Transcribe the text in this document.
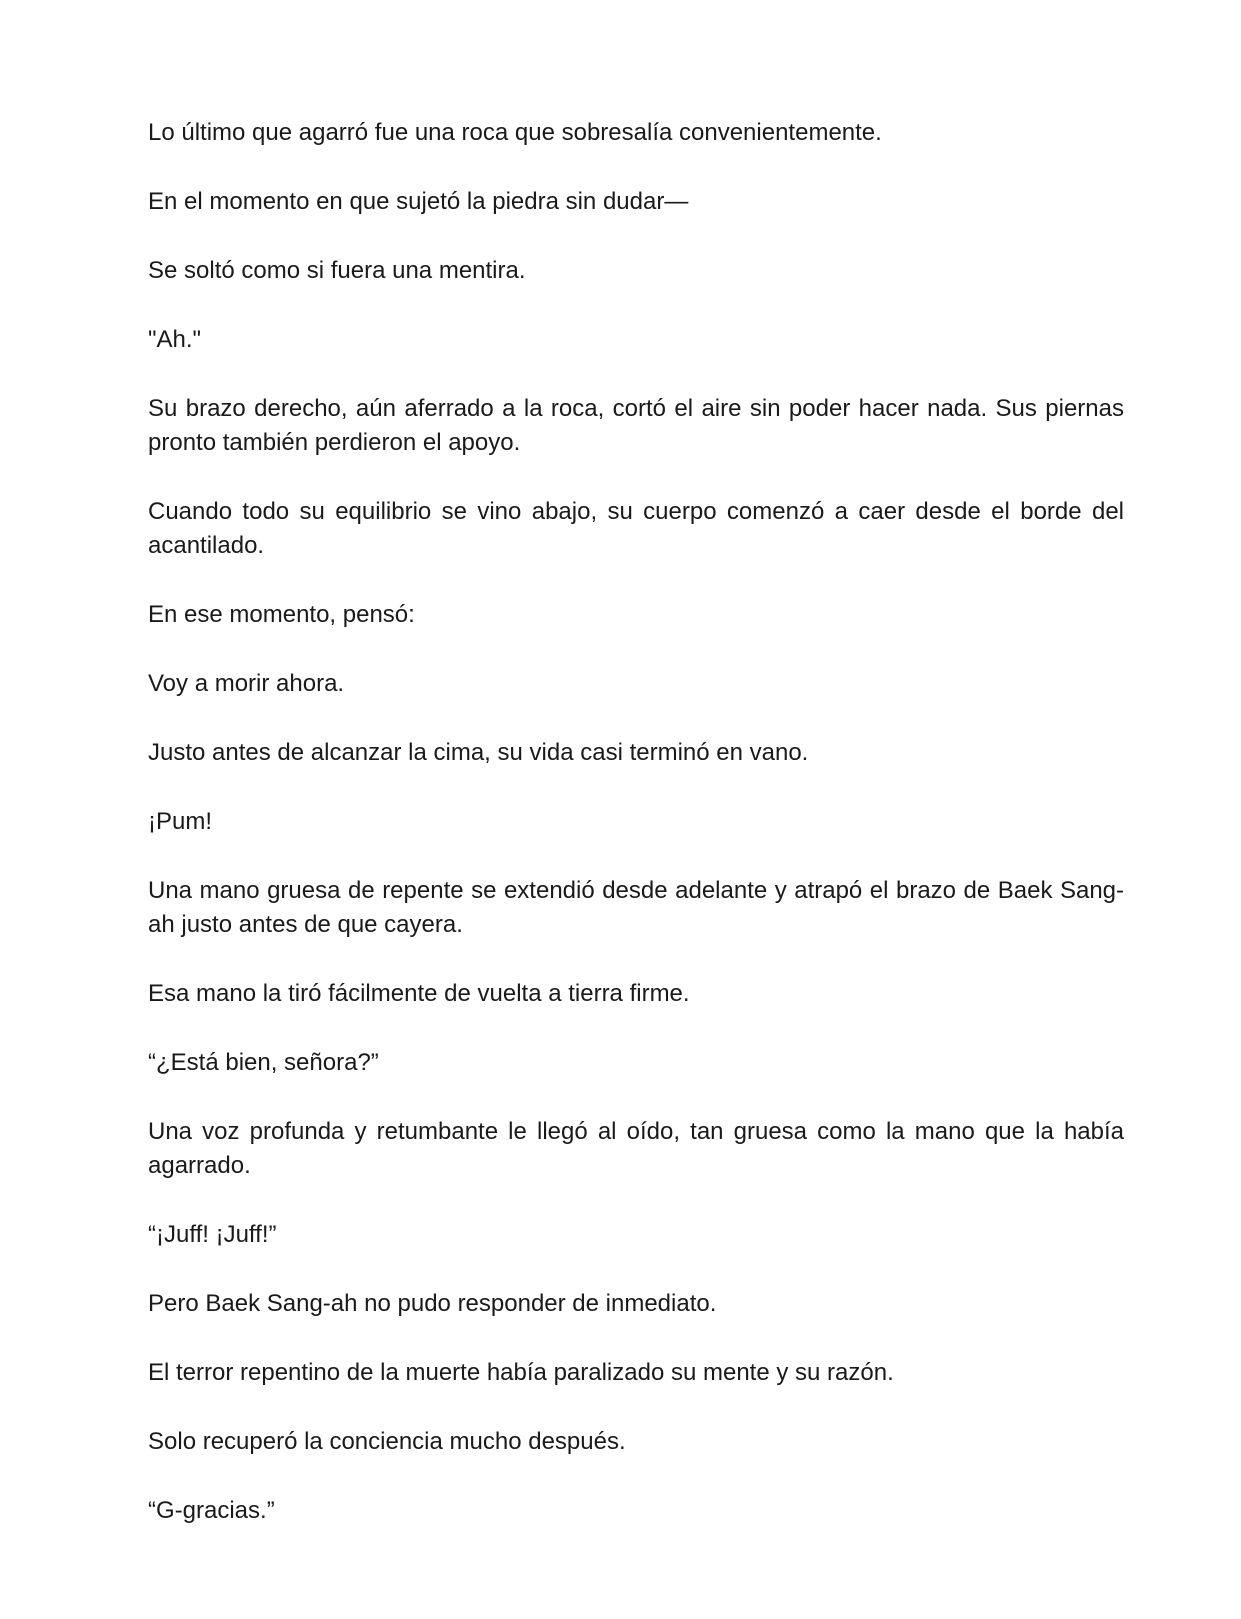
Lo último que agarró fue una roca que sobresalía convenientemente.

En el momento en que sujetó la piedra sin dudar—

Se soltó como si fuera una mentira.

"Ah."

Su brazo derecho, aún aferrado a la roca, cortó el aire sin poder hacer nada. Sus piernas pronto también perdieron el apoyo.

Cuando todo su equilibrio se vino abajo, su cuerpo comenzó a caer desde el borde del acantilado.

En ese momento, pensó:

Voy a morir ahora.

Justo antes de alcanzar la cima, su vida casi terminó en vano.

¡Pum!

Una mano gruesa de repente se extendió desde adelante y atrapó el brazo de Baek Sang-ah justo antes de que cayera.

Esa mano la tiró fácilmente de vuelta a tierra firme.

“¿Está bien, señora?”

Una voz profunda y retumbante le llegó al oído, tan gruesa como la mano que la había agarrado.

“¡Juff! ¡Juff!”

Pero Baek Sang-ah no pudo responder de inmediato.

El terror repentino de la muerte había paralizado su mente y su razón.

Solo recuperó la conciencia mucho después.

“G-gracias.”
